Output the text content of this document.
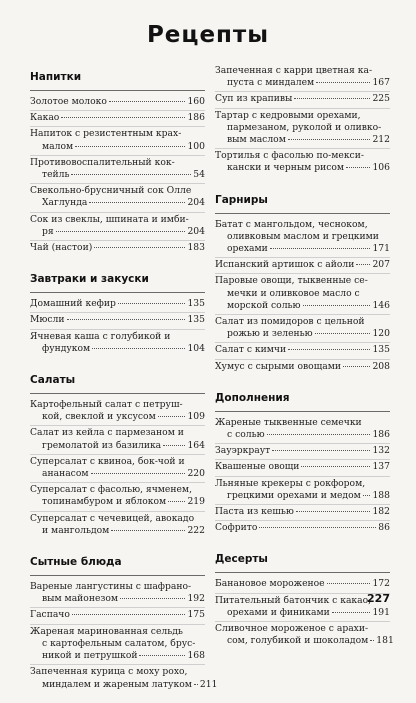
Рецепты
Напитки
Золотое молоко	160
Какао	186
Напиток с резистентным крах-
малом	100
Противовоспалительный кок-
тейль	54
Свекольно-брусничный сок Олле
Хаглунда	204
Сок из свеклы, шпината и имби-
ря	204
Чай (настои)	183
Завтраки и закуски
Домашний кефир	135
Мюсли	135
Ячневая каша с голубикой и
фундуком	104
Салаты
Картофельный салат с петруш-
кой, свеклой и уксусом	109
Салат из кейла с пармезаном и
гремолатой из базилика	164
Суперсалат с квиноа, бок-чой и
ананасом	220
Суперсалат с фасолью, ячменем,
топинамбуром и яблоком 219
Суперсалат с чечевицей, авокадо
и мангольдом	222
Сытные блюда
Вареные лангустины с шафрано-
вым майонезом	192
Гаспачо	175
Жареная маринованная сельдь
с картофельным салатом, брус-
никой и петрушкой	168
Запеченная курица с моху рохо,
миндалем и жареным латуком 211
Запеченная с карри цветная ка-
пуста с миндалем	167
Суп из крапивы	225
Тартар с кедровыми орехами,
пармезаном, руколой и оливко-
вым маслом	212
Тортилья с фасолью по-мекси-
кански и черным рисом	106
Гарниры
Батат с мангольдом, чесноком,
оливковым маслом и грецкими
орехами	171
Испанский артишок с айоли 207
Паровые овощи, тыквенные се-
мечки и оливковое масло с
морской солью	146
Салат из помидоров с цельной
рожью и зеленью	120
Салат с кимчи	135
Хумус с сырыми овощами	208
Дополнения
Жареные тыквенные семечки
с солью	186
Зауэркраут	132
Квашеные овощи	137
Льняные крекеры с рокфором,
грецкими орехами и медом 188
Паста из кешью	182
Софрито	86
Десерты
Банановое мороженое	172
Питательный батончик с какао,
орехами и финиками	191
Сливочное мороженое с арахи-
сом, голубикой и шоколадом 181
227
